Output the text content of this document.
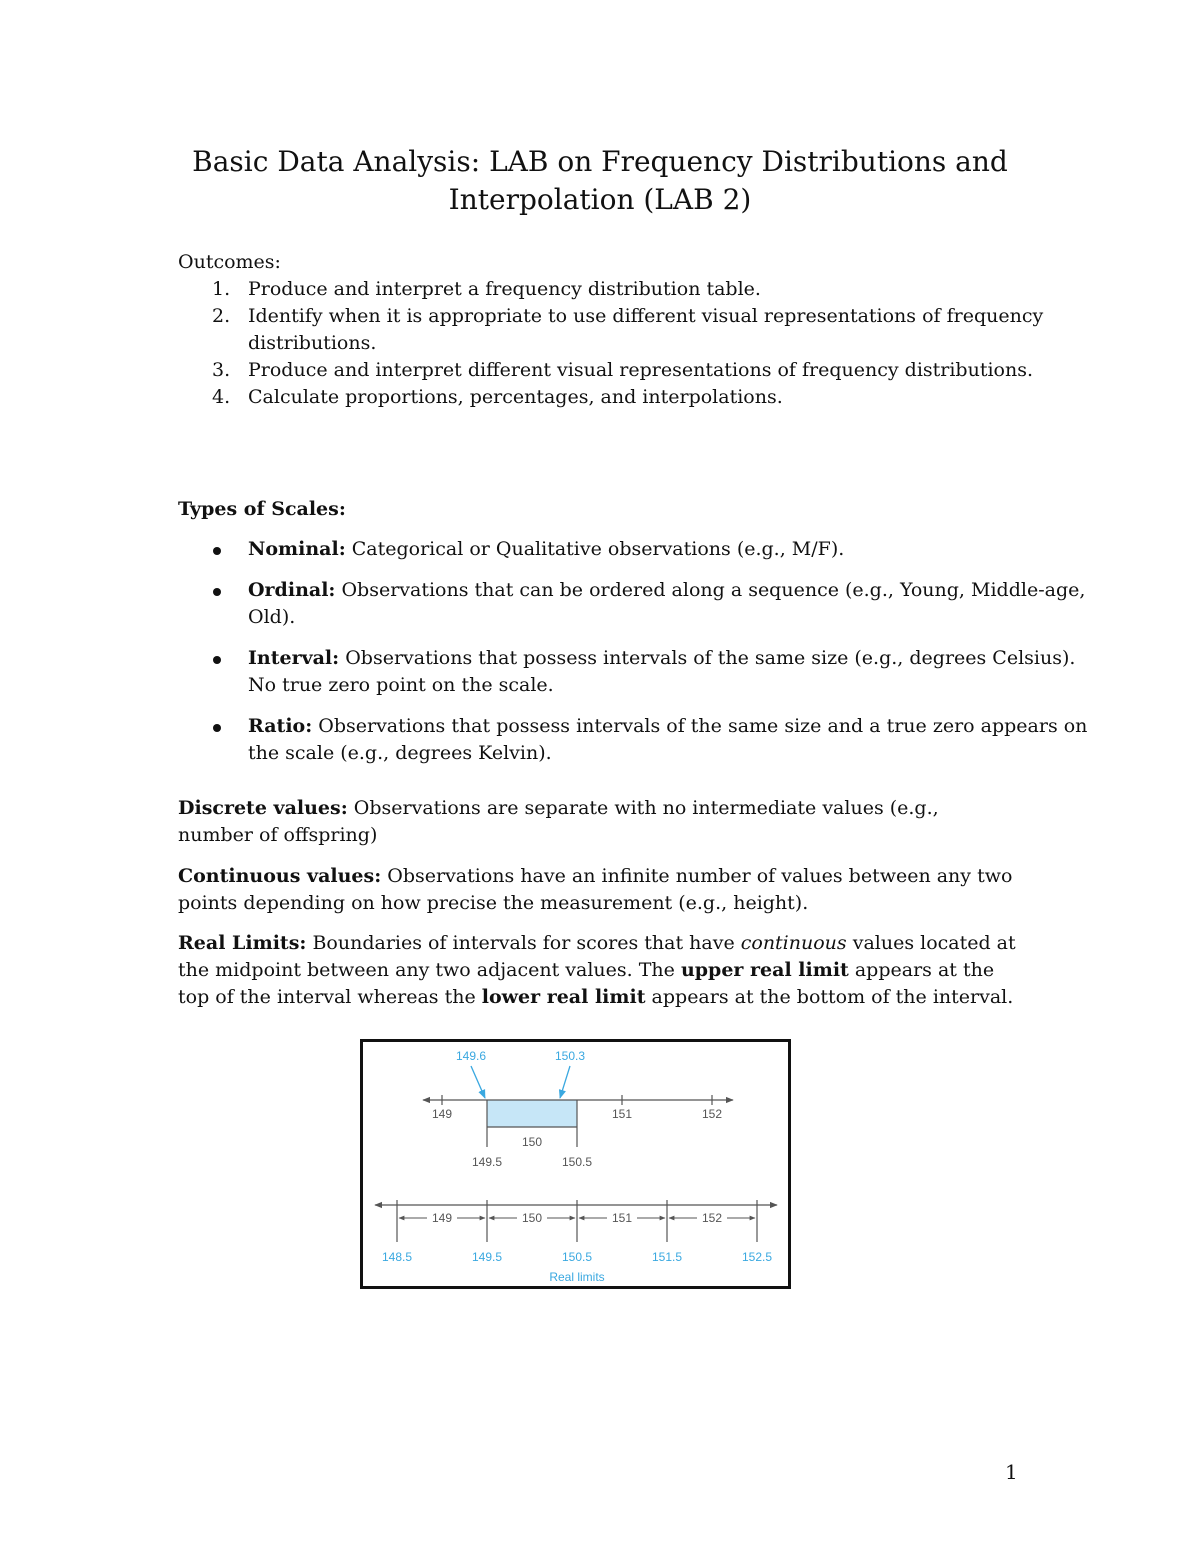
Basic Data Analysis: LAB on Frequency Distributions and
Interpolation (LAB 2)
Outcomes:
1. Produce and interpret a frequency distribution table.
2. Identify when it is appropriate to use different visual representations of frequency distributions.
3. Produce and interpret different visual representations of frequency distributions.
4. Calculate proportions, percentages, and interpolations.
Types of Scales:
Nominal: Categorical or Qualitative observations (e.g., M/F).
Ordinal: Observations that can be ordered along a sequence (e.g., Young, Middle-age, Old).
Interval: Observations that possess intervals of the same size (e.g., degrees Celsius). No true zero point on the scale.
Ratio: Observations that possess intervals of the same size and a true zero appears on the scale (e.g., degrees Kelvin).

Discrete values: Observations are separate with no intermediate values (e.g., number of offspring)

Continuous values: Observations have an infinite number of values between any two points depending on how precise the measurement (e.g., height).

Real Limits: Boundaries of intervals for scores that have continuous values located at the midpoint between any two adjacent values. The upper real limit appears at the top of the interval whereas the lower real limit appears at the bottom of the interval.

149.6	150.3
149	151	152
150
149.5	150.5
149	150	151	152
148.5	149.5	150.5	151.5	152.5
Real limits
1
